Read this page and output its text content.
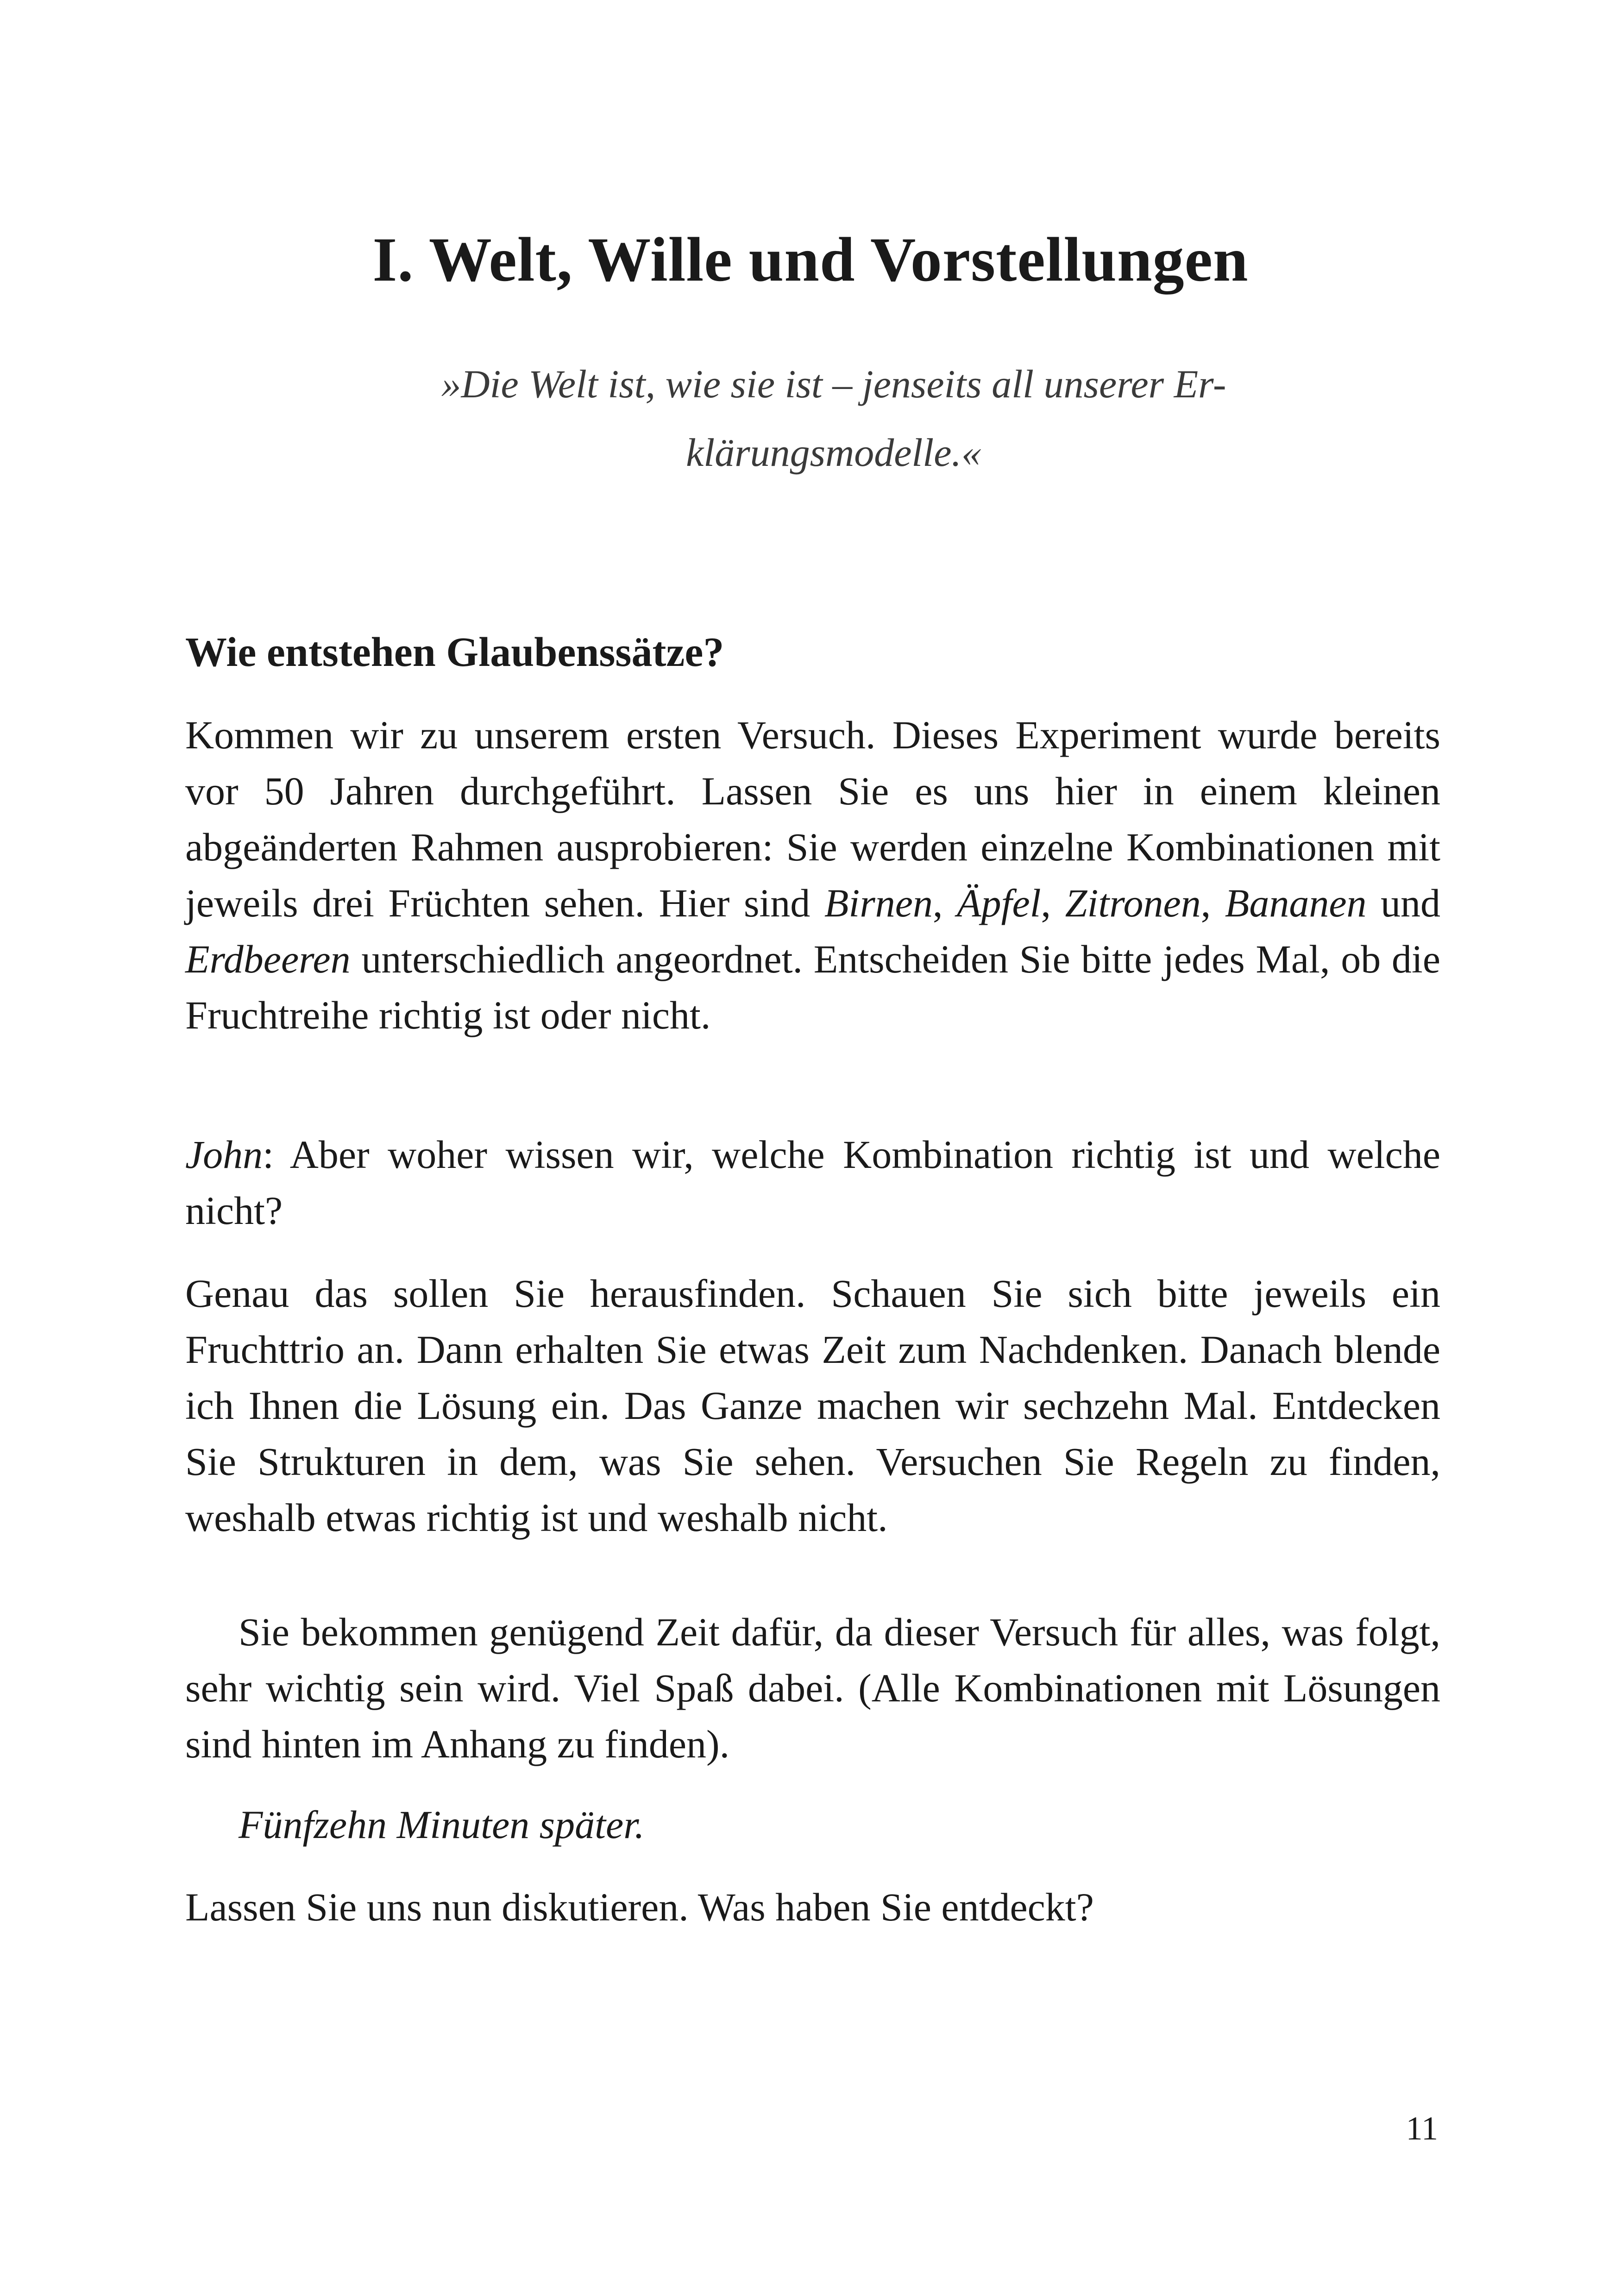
I. Welt, Wille und Vorstellungen

»Die Welt ist, wie sie ist – jenseits all unserer Er-
klärungsmodelle.«

Wie entstehen Glaubenssätze?

Kommen wir zu unserem ersten Versuch. Dieses Experiment wurde bereits vor 50 Jahren durchgeführt. Lassen Sie es uns hier in einem kleinen abgeänderten Rahmen ausprobieren: Sie werden einzelne Kombinationen mit jeweils drei Früchten sehen. Hier sind Birnen, Äpfel, Zitronen, Bananen und Erdbeeren unterschiedlich angeordnet. Entscheiden Sie bitte jedes Mal, ob die Fruchtreihe richtig ist oder nicht.

John: Aber woher wissen wir, welche Kombination richtig ist und welche nicht?

Genau das sollen Sie herausfinden. Schauen Sie sich bitte jeweils ein Fruchttrio an. Dann erhalten Sie etwas Zeit zum Nachdenken. Danach blende ich Ihnen die Lösung ein. Das Ganze machen wir sechzehn Mal. Entdecken Sie Strukturen in dem, was Sie sehen. Versuchen Sie Regeln zu finden, weshalb etwas richtig ist und weshalb nicht.

Sie bekommen genügend Zeit dafür, da dieser Versuch für alles, was folgt, sehr wichtig sein wird. Viel Spaß dabei. (Alle Kombinationen mit Lösungen sind hinten im Anhang zu finden).

Fünfzehn Minuten später.

Lassen Sie uns nun diskutieren. Was haben Sie entdeckt?

11
